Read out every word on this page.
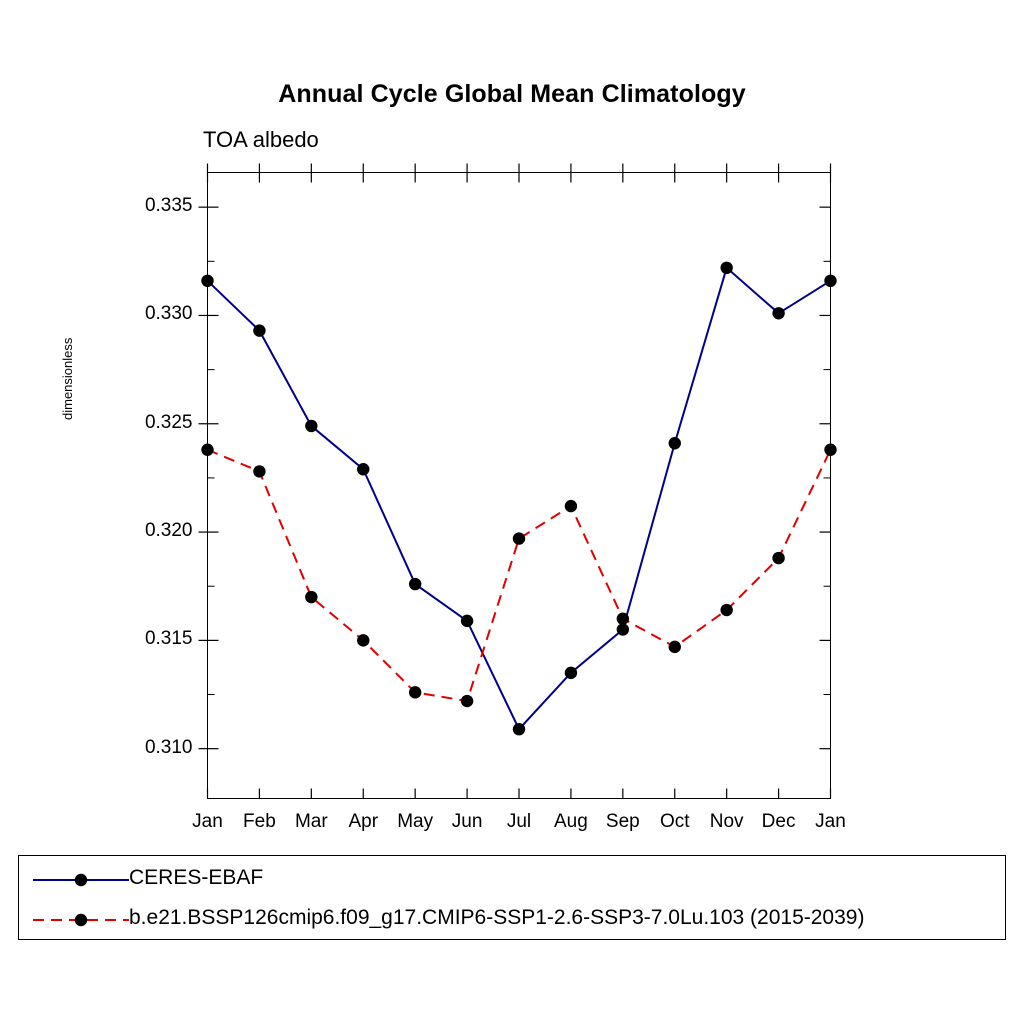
Annual Cycle Global Mean Climatology
TOA albedo
dimensionless
0.310
0.315
0.320
0.325
0.330
0.335
Jan	Feb	Mar	Apr	May Jun	Jul	Aug Sep	Oct	Nov Dec	Jan
CERES-EBAF
b.e21.BSSP126cmip6.f09_g17.CMIP6-SSP1-2.6-SSP3-7.0Lu.103 (2015-2039)
